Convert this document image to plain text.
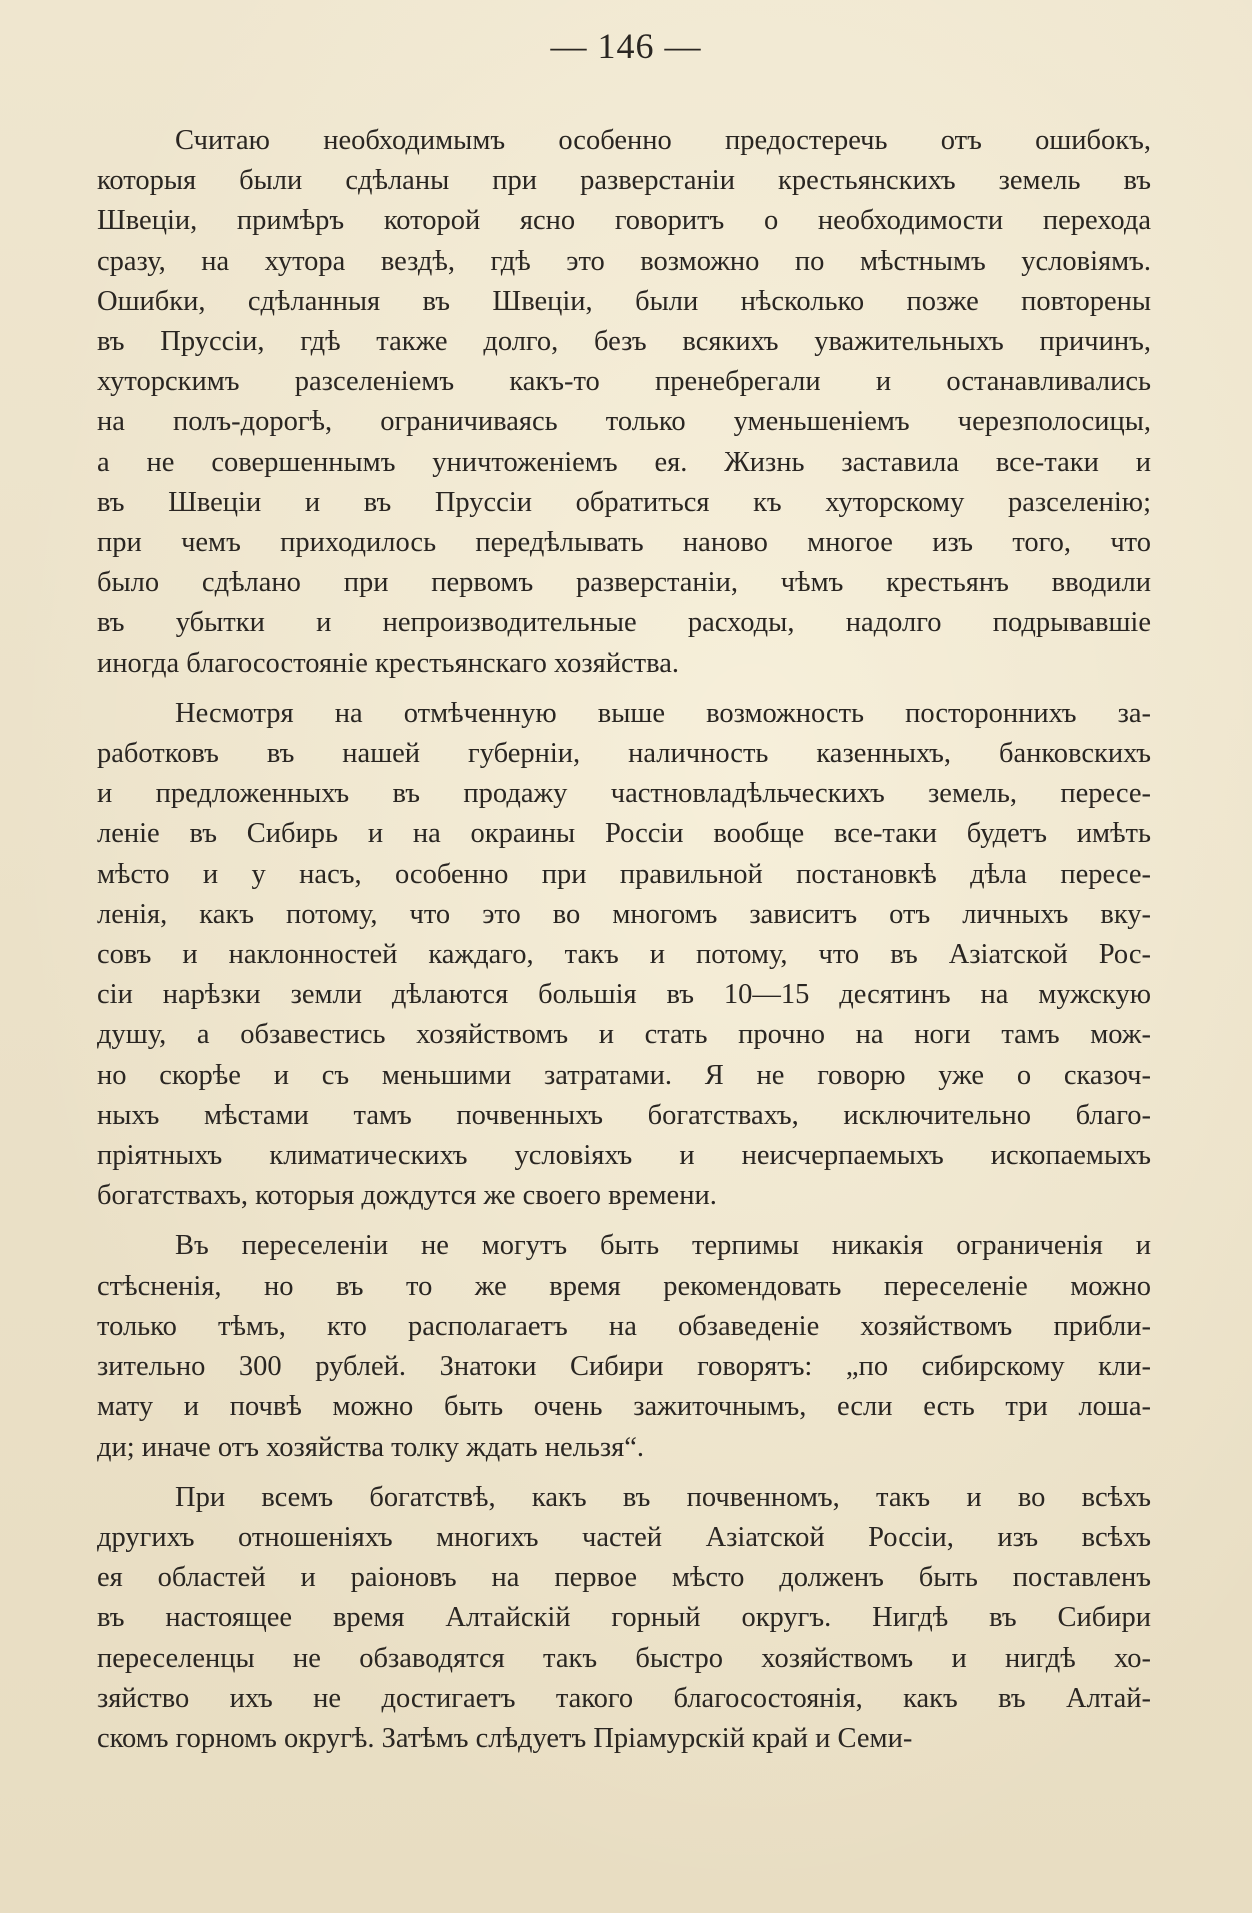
— 146 —

Считаю необходимымъ особенно предостеречь отъ ошибокъ,
которыя были сдѣланы при разверстаніи крестьянскихъ земель въ
Швеціи, примѣръ которой ясно говоритъ о необходимости перехода
сразу, на хутора вездѣ, гдѣ это возможно по мѣстнымъ условіямъ.
Ошибки, сдѣланныя въ Швеціи, были нѣсколько позже повторены
въ Пруссіи, гдѣ также долго, безъ всякихъ уважительныхъ причинъ,
хуторскимъ разселеніемъ какъ-то пренебрегали и останавливались
на полъ-дорогѣ, ограничиваясь только уменьшеніемъ черезполосицы,
а не совершеннымъ уничтоженіемъ ея. Жизнь заставила все-таки и
въ Швеціи и въ Пруссіи обратиться къ хуторскому разселенію;
при чемъ приходилось передѣлывать наново многое изъ того, что
было сдѣлано при первомъ разверстаніи, чѣмъ крестьянъ вводили
въ убытки и непроизводительные расходы, надолго подрывавшіе
иногда благосостояніе крестьянскаго хозяйства.

Несмотря на отмѣченную выше возможность постороннихъ за-
работковъ въ нашей губерніи, наличность казенныхъ, банковскихъ
и предложенныхъ въ продажу частновладѣльческихъ земель, пересе-
леніе въ Сибирь и на окраины Россіи вообще все-таки будетъ имѣть
мѣсто и у насъ, особенно при правильной постановкѣ дѣла пересе-
ленія, какъ потому, что это во многомъ зависитъ отъ личныхъ вку-
совъ и наклонностей каждаго, такъ и потому, что въ Азіатской Рос-
сіи нарѣзки земли дѣлаются большія въ 10—15 десятинъ на мужскую
душу, а обзавестись хозяйствомъ и стать прочно на ноги тамъ мож-
но скорѣе и съ меньшими затратами. Я не говорю уже о сказоч-
ныхъ мѣстами тамъ почвенныхъ богатствахъ, исключительно благо-
пріятныхъ климатическихъ условіяхъ и неисчерпаемыхъ ископаемыхъ
богатствахъ, которыя дождутся же своего времени.

Въ переселеніи не могутъ быть терпимы никакія ограниченія и
стѣсненія, но въ то же время рекомендовать переселеніе можно
только тѣмъ, кто располагаетъ на обзаведеніе хозяйствомъ прибли-
зительно 300 рублей. Знатоки Сибири говорятъ: „по сибирскому кли-
мату и почвѣ можно быть очень зажиточнымъ, если есть три лоша-
ди; иначе отъ хозяйства толку ждать нельзя“.

При всемъ богатствѣ, какъ въ почвенномъ, такъ и во всѣхъ
другихъ отношеніяхъ многихъ частей Азіатской Россіи, изъ всѣхъ
ея областей и раіоновъ на первое мѣсто долженъ быть поставленъ
въ настоящее время Алтайскій горный округъ. Нигдѣ въ Сибири
переселенцы не обзаводятся такъ быстро хозяйствомъ и нигдѣ хо-
зяйство ихъ не достигаетъ такого благосостоянія, какъ въ Алтай-
скомъ горномъ округѣ. Затѣмъ слѣдуетъ Пріамурскій край и Семи-
